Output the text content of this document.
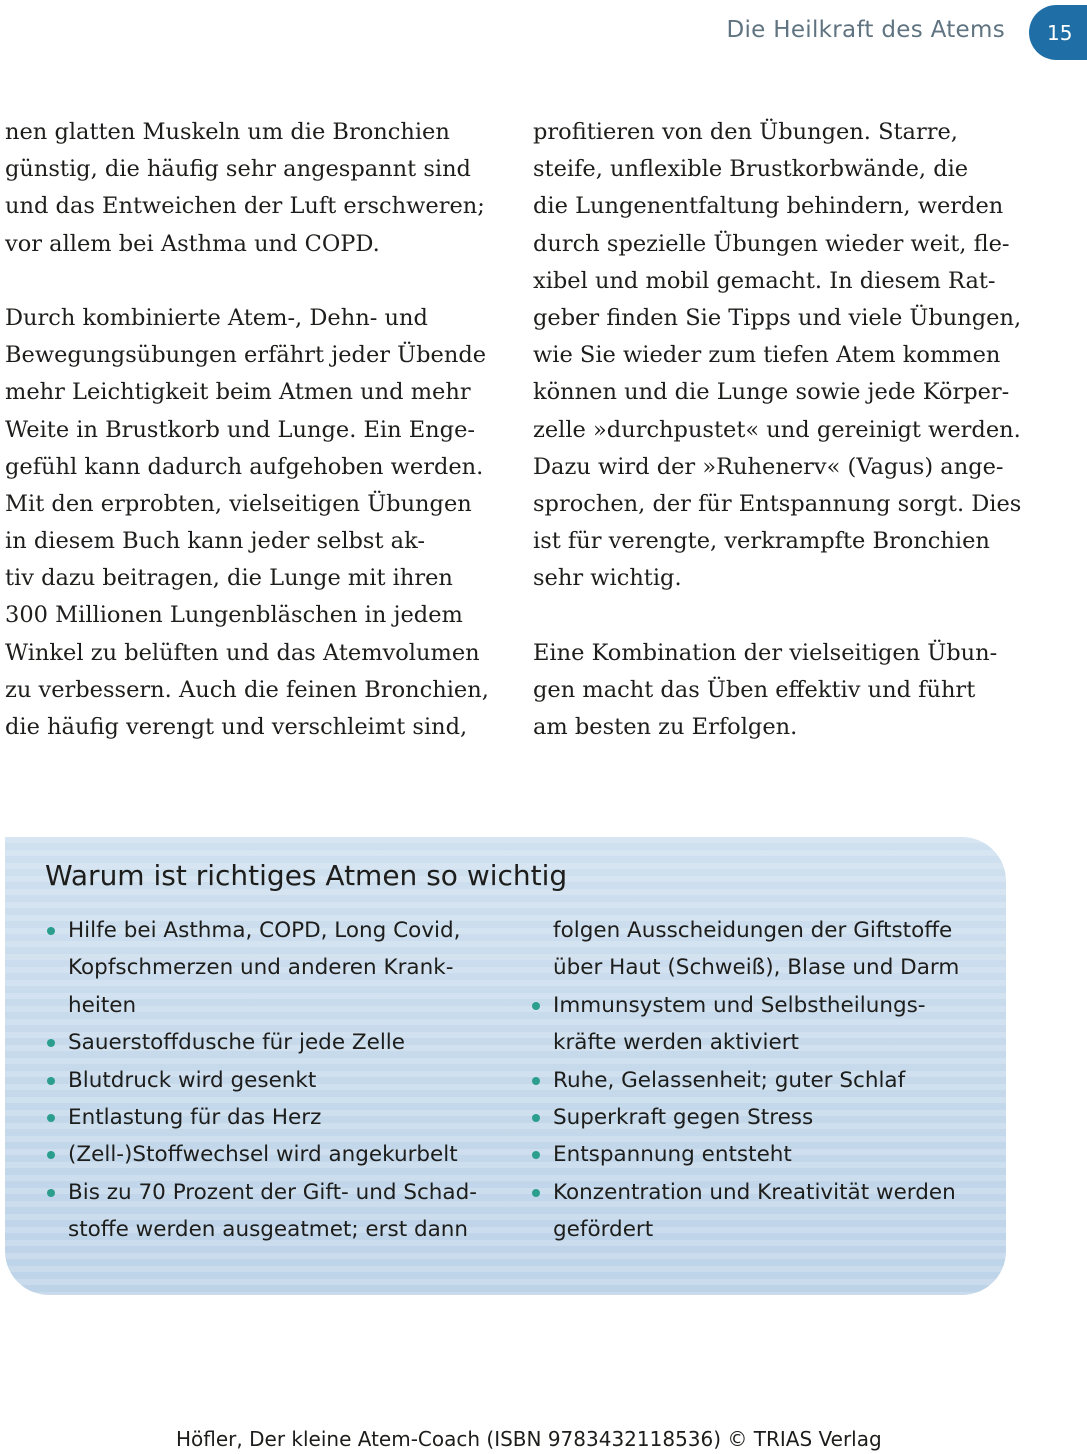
Die Heilkraft des Atems 15
nen glatten Muskeln um die Bronchien
günstig, die häufig sehr angespannt sind
und das Entweichen der Luft erschweren;
vor allem bei Asthma und COPD.
Durch kombinierte Atem-, Dehn- und
Bewegungsübungen erfährt jeder Übende
mehr Leichtigkeit beim Atmen und mehr
Weite in Brustkorb und Lunge. Ein Enge-
gefühl kann dadurch aufgehoben werden.
Mit den erprobten, vielseitigen Übungen
in diesem Buch kann jeder selbst ak-
tiv dazu beitragen, die Lunge mit ihren
300 Millionen Lungenbläschen in jedem
Winkel zu belüften und das Atemvolumen
zu verbessern. Auch die feinen Bronchien,
die häufig verengt und verschleimt sind,
profitieren von den Übungen. Starre,
steife, unflexible Brustkorbwände, die
die Lungenentfaltung behindern, werden
durch spezielle Übungen wieder weit, fle-
xibel und mobil gemacht. In diesem Rat-
geber finden Sie Tipps und viele Übungen,
wie Sie wieder zum tiefen Atem kommen
können und die Lunge sowie jede Körper-
zelle »durchpustet« und gereinigt werden.
Dazu wird der »Ruhenerv« (Vagus) ange-
sprochen, der für Entspannung sorgt. Dies
ist für verengte, verkrampfte Bronchien
sehr wichtig.
Eine Kombination der vielseitigen Übun-
gen macht das Üben effektiv und führt
am besten zu Erfolgen.
Warum ist richtiges Atmen so wichtig
Hilfe bei Asthma, COPD, Long Covid,
Kopfschmerzen und anderen Krank-
heiten
Sauerstoffdusche für jede Zelle
Blutdruck wird gesenkt
Entlastung für das Herz
(Zell-)Stoffwechsel wird angekurbelt
Bis zu 70 Prozent der Gift- und Schad-
stoffe werden ausgeatmet; erst dann
folgen Ausscheidungen der Giftstoffe
über Haut (Schweiß), Blase und Darm
Immunsystem und Selbstheilungs-
kräfte werden aktiviert
Ruhe, Gelassenheit; guter Schlaf
Superkraft gegen Stress
Entspannung entsteht
Konzentration und Kreativität werden
gefördert
Höfler, Der kleine Atem-Coach (ISBN 9783432118536) © TRIAS Verlag
